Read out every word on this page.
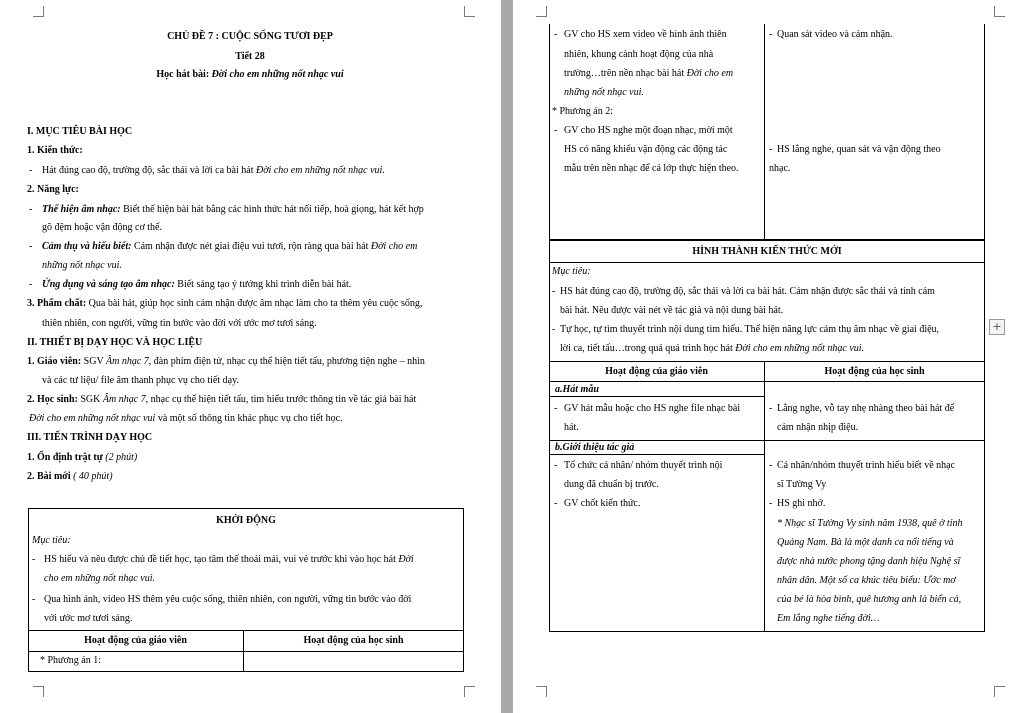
CHỦ ĐỀ 7 : CUỘC SỐNG TƯƠI ĐẸP
Tiết 28
Học hát bài: Đời cho em những nốt nhạc vui
I. MỤC TIÊU BÀI HỌC
1. Kiến thức:
- Hát đúng cao độ, trường độ, sắc thái và lời ca bài hát Đời cho em những nốt nhạc vui.
2. Năng lực:
- Thể hiện âm nhạc: Biết thể hiện bài hát bằng các hình thức hát nối tiếp, hoà giọng, hát kết hợp
gõ đệm hoặc vận động cơ thể.
- Cảm thụ và hiểu biết: Cảm nhận được nét giai điệu vui tươi, rộn ràng qua bài hát Đời cho em
những nốt nhạc vui.
- Ứng dụng và sáng tạo âm nhạc: Biết sáng tạo ý tưởng khi trình diễn bài hát.
3. Phẩm chất: Qua bài hát, giúp học sinh cảm nhận được âm nhạc làm cho ta thêm yêu cuộc sống,
thiên nhiên, con người, vững tin bước vào đời với ước mơ tươi sáng.
II. THIẾT BỊ DẠY HỌC VÀ HỌC LIỆU
1. Giáo viên: SGV Âm nhạc 7, đàn phím điện tử, nhạc cụ thể hiện tiết tấu, phương tiện nghe – nhìn
và các tư liệu/ file âm thanh phục vụ cho tiết dạy.
2. Học sinh: SGK Âm nhạc 7, nhạc cụ thể hiện tiết tấu, tìm hiểu trước thông tin về tác giả bài hát
Đời cho em những nốt nhạc vui và một số thông tin khác phục vụ cho tiết học.
III. TIẾN TRÌNH DẠY HỌC
1. Ổn định trật tự (2 phút)
2. Bài mới ( 40 phút)
KHỞI ĐỘNG
Mục tiêu:
- HS hiểu và nêu được chủ đề tiết học, tạo tâm thế thoải mái, vui vẻ trước khi vào học hát Đời
cho em những nốt nhạc vui.
- Qua hình ảnh, video HS thêm yêu cuộc sống, thiên nhiên, con người, vững tin bước vào đời
với ước mơ tươi sáng.
Hoạt động của giáo viên	Hoạt động của học sinh
* Phương án 1:
- GV cho HS xem video về hình ảnh thiên
nhiên, khung cảnh hoạt động của nhà
trường…trên nền nhạc bài hát Đời cho em
những nốt nhạc vui.
* Phương án 2:
- GV cho HS nghe một đoạn nhạc, mời một
HS có năng khiếu vận động các động tác
mẫu trên nền nhạc để cả lớp thực hiện theo.
- Quan sát video và cảm nhận.
- HS lắng nghe, quan sát và vận động theo
nhạc.
HÌNH THÀNH KIẾN THỨC MỚI
Mục tiêu:
- HS hát đúng cao độ, trường độ, sắc thái và lời ca bài hát. Cảm nhận được sắc thái và tính cảm
bài hát. Nêu được vài nét về tác giả và nội dung bài hát.
- Tự học, tự tìm thuyết trình nội dung tìm hiểu. Thể hiện năng lực cảm thụ âm nhạc về giai điệu,
lời ca, tiết tấu…trong quá quá trình học hát Đời cho em những nốt nhạc vui.
Hoạt động của giáo viên	Hoạt động của học sinh
a.Hát mẫu
- GV hát mẫu hoặc cho HS nghe file nhạc bài
hát.
- Lắng nghe, vỗ tay nhẹ nhàng theo bài hát để
cảm nhận nhịp điệu.
b.Giới thiệu tác giả
- Tổ chức cá nhân/ nhóm thuyết trình nội
dung đã chuẩn bị trước.
- GV chốt kiến thức.
- Cá nhân/nhóm thuyết trình hiểu biết về nhạc
sĩ Tường Vy
- HS ghi nhớ.
* Nhạc sĩ Tường Vy sinh năm 1938, quê ở tỉnh
Quảng Nam. Bà là một danh ca nổi tiếng và
được nhà nước phong tặng danh hiệu Nghệ sĩ
nhân dân. Một số ca khúc tiêu biểu: Ước mơ
của bé là hòa bình, quê hương anh là biển cả,
Em lắng nghe tiếng đời…
+
